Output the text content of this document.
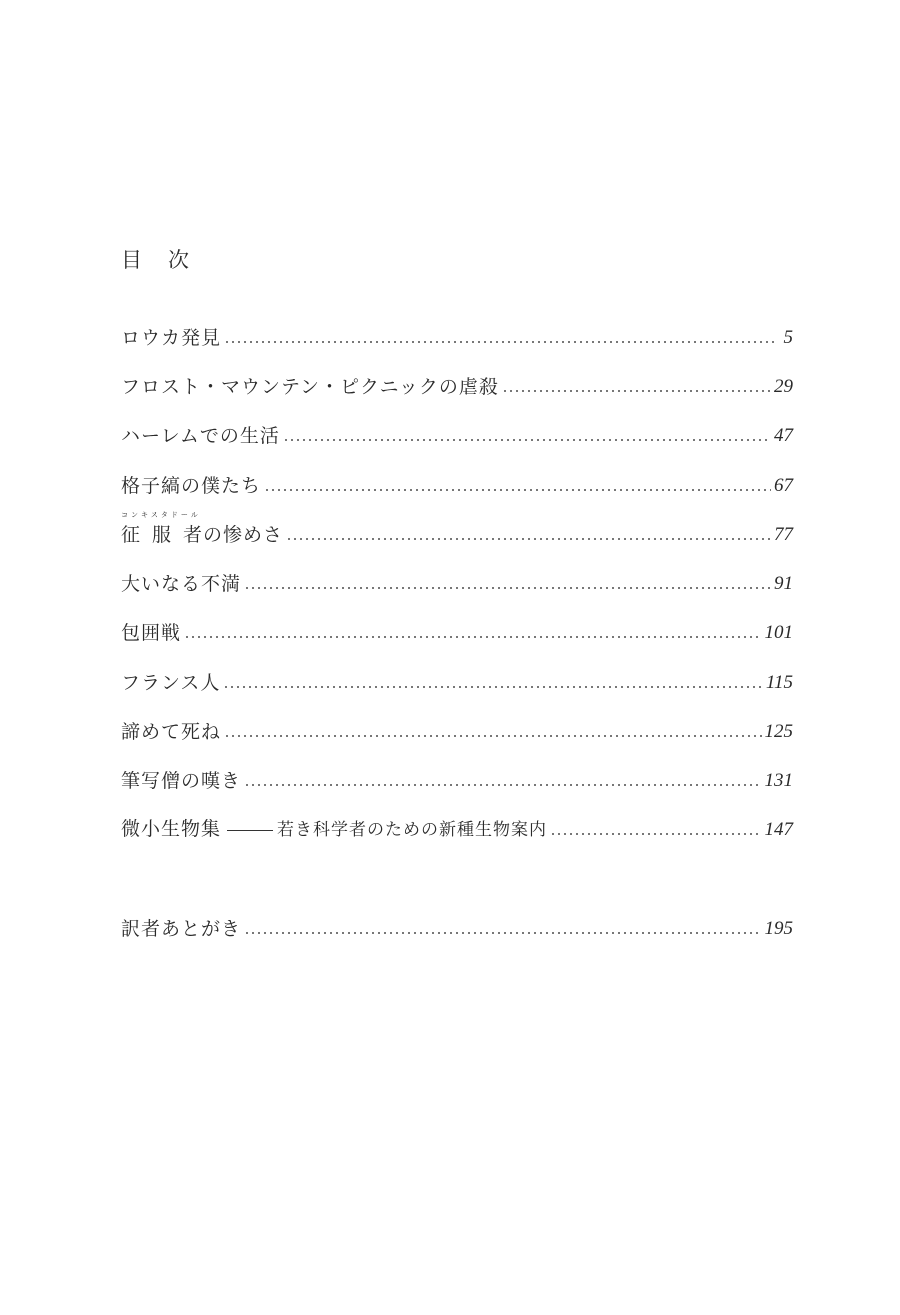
目 次
ロウカ発見	5
フロスト・マウンテン・ピクニックの虐殺	29
ハーレムでの生活	47
格子縞の僕たち	67
コンキスタドール
征服者の惨めさ	77
大いなる不満	91
包囲戦	101
フランス人	115
諦めて死ね	125
筆写僧の嘆き	131
微小生物集	若き科学者のための新種生物案内	147
訳者あとがき	195
